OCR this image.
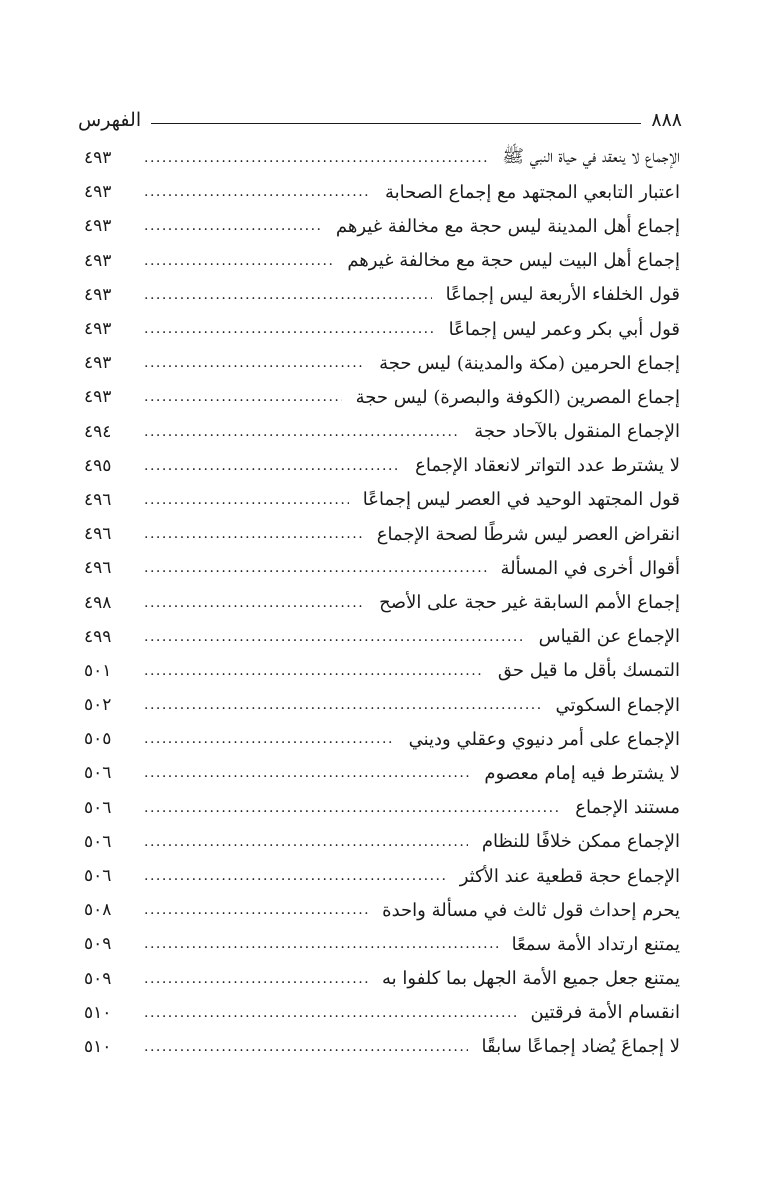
الفهرس	٨٨٨
الإجماع لا ينعقد في حياة النبي ﷺ
.....
٤٩٣
اعتبار التابعي المجتهد مع إجماع الصحابة
.....
٤٩٣
إجماع أهل المدينة ليس حجة مع مخالفة غيرهم
.....
٤٩٣
إجماع أهل البيت ليس حجة مع مخالفة غيرهم
.....
٤٩٣
قول الخلفاء الأربعة ليس إجماعًا
.....
٤٩٣
قول أبي بكر وعمر ليس إجماعًا
.....
٤٩٣
إجماع الحرمين (مكة والمدينة) ليس حجة
.....
٤٩٣
إجماع المصرين (الكوفة والبصرة) ليس حجة
.....
٤٩٣
الإجماع المنقول بالآحاد حجة
.....
٤٩٤
لا يشترط عدد التواتر لانعقاد الإجماع
.....
٤٩٥
قول المجتهد الوحيد في العصر ليس إجماعًا
.....
٤٩٦
انقراض العصر ليس شرطًا لصحة الإجماع
.....
٤٩٦
أقوال أخرى في المسألة
.....
٤٩٦
إجماع الأمم السابقة غير حجة على الأصح
.....
٤٩٨
الإجماع عن القياس
.....
٤٩٩
التمسك بأقل ما قيل حق
.....
٥٠١
الإجماع السكوتي
.....
٥٠٢
الإجماع على أمر دنيوي وعقلي وديني
.....
٥٠٥
لا يشترط فيه إمام معصوم
.....
٥٠٦
مستند الإجماع
.....
٥٠٦
الإجماع ممكن خلافًا للنظام
.....
٥٠٦
الإجماع حجة قطعية عند الأكثر
.....
٥٠٦
يحرم إحداث قول ثالث في مسألة واحدة
.....
٥٠٨
يمتنع ارتداد الأمة سمعًا
.....
٥٠٩
يمتنع جعل جميع الأمة الجهل بما كلفوا به
.....
٥٠٩
انقسام الأمة فرقتين
.....
٥١٠
لا إجماعَ يُضاد إجماعًا سابقًا
.....
٥١٠
